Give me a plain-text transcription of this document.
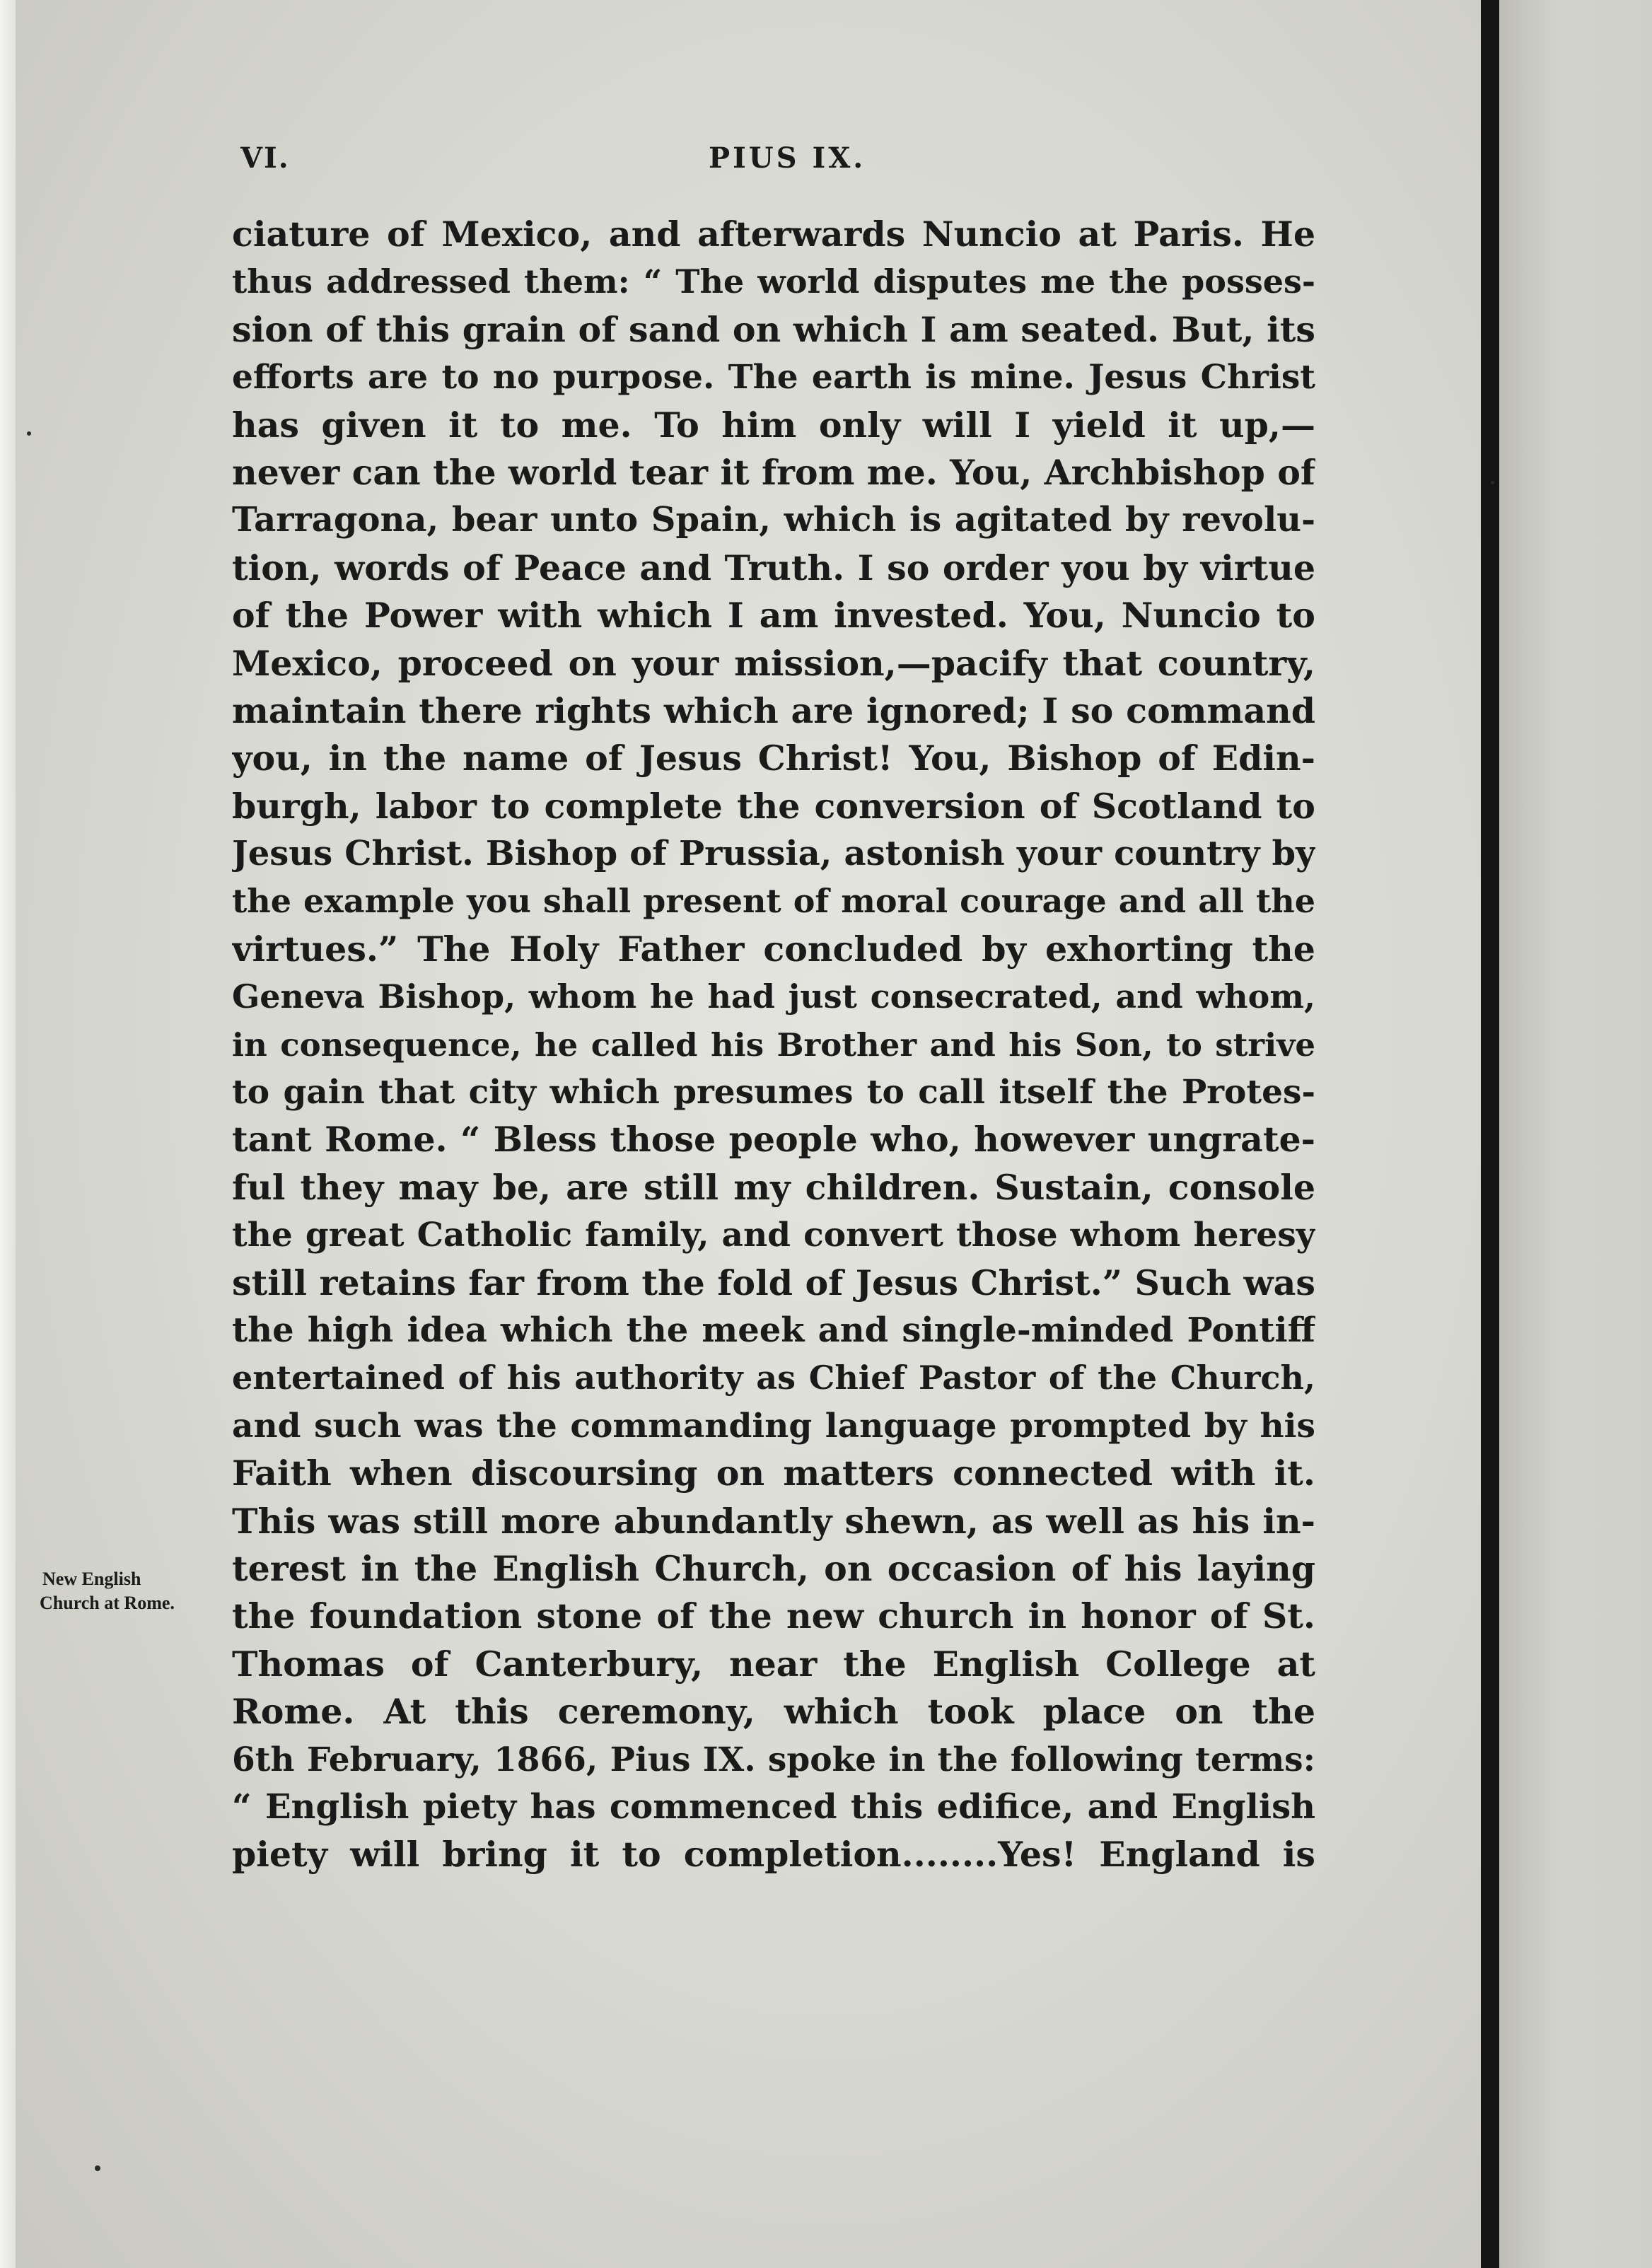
VI.	PIUS IX.
New English
Church at Rome.
ciature of Mexico, and afterwards Nuncio at Paris. He
thus addressed them: “ The world disputes me the posses-
sion of this grain of sand on which I am seated. But, its
efforts are to no purpose. The earth is mine. Jesus Christ
has given it to me. To him only will I yield it up,—
never can the world tear it from me. You, Archbishop of
Tarragona, bear unto Spain, which is agitated by revolu-
tion, words of Peace and Truth. I so order you by virtue
of the Power with which I am invested. You, Nuncio to
Mexico, proceed on your mission,—pacify that country,
maintain there rights which are ignored; I so command
you, in the name of Jesus Christ! You, Bishop of Edin-
burgh, labor to complete the conversion of Scotland to
Jesus Christ. Bishop of Prussia, astonish your country by
the example you shall present of moral courage and all the
virtues.” The Holy Father concluded by exhorting the
Geneva Bishop, whom he had just consecrated, and whom,
in consequence, he called his Brother and his Son, to strive
to gain that city which presumes to call itself the Protes-
tant Rome. “ Bless those people who, however ungrate-
ful they may be, are still my children. Sustain, console
the great Catholic family, and convert those whom heresy
still retains far from the fold of Jesus Christ.” Such was
the high idea which the meek and single-minded Pontiff
entertained of his authority as Chief Pastor of the Church,
and such was the commanding language prompted by his
Faith when discoursing on matters connected with it.
This was still more abundantly shewn, as well as his in-
terest in the English Church, on occasion of his laying
the foundation stone of the new church in honor of St.
Thomas of Canterbury, near the English College at
Rome. At this ceremony, which took place on the
6th February, 1866, Pius IX. spoke in the following terms:
“ English piety has commenced this edifice, and English
piety will bring it to completion........Yes! England is
